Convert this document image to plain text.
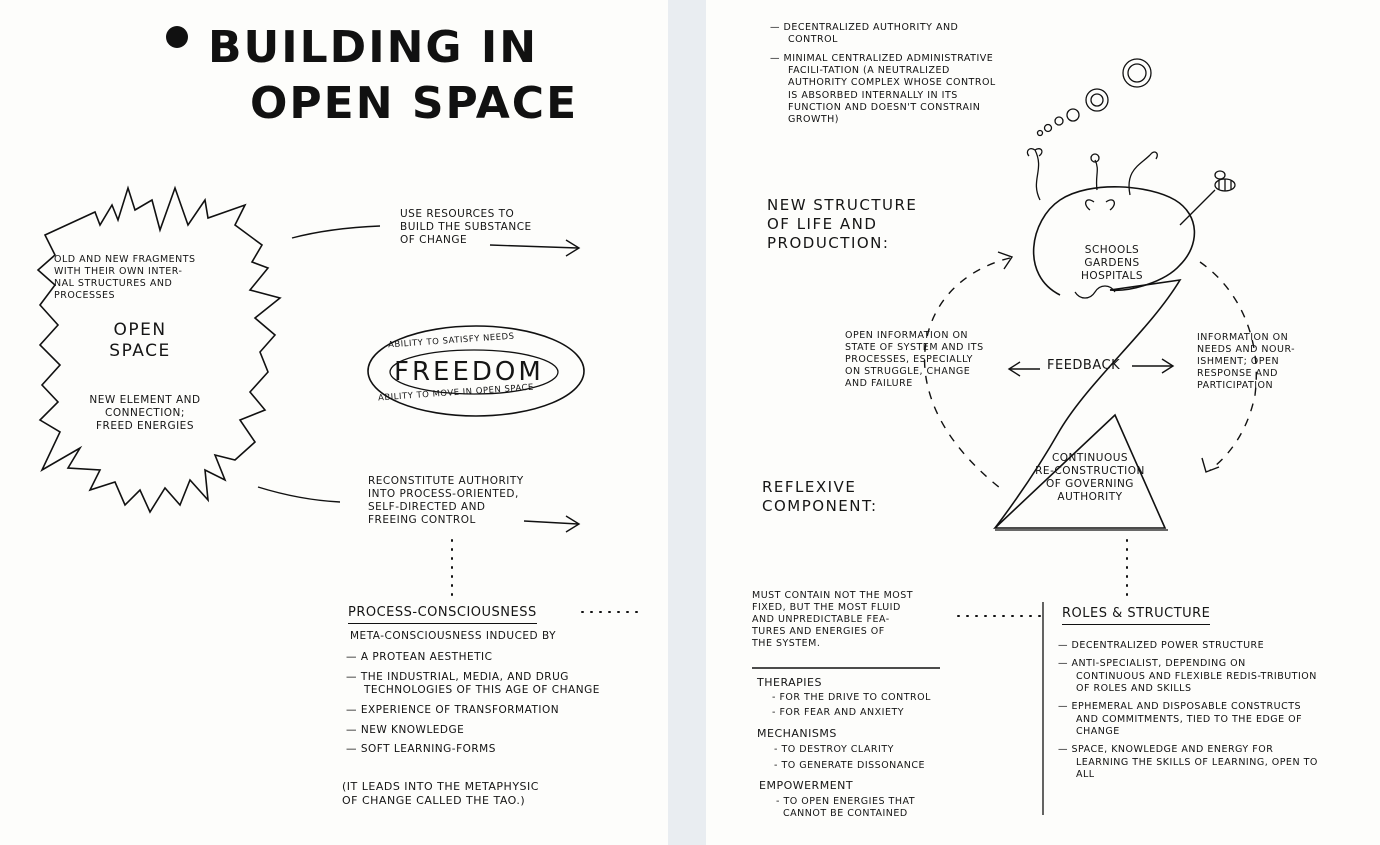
BUILDING IN
OPEN SPACE
OLD AND NEW FRAGMENTS
WITH THEIR OWN INTER-
NAL STRUCTURES AND
PROCESSES
OPEN
SPACE
NEW ELEMENT AND
CONNECTION;
FREED ENERGIES
USE RESOURCES TO
BUILD THE SUBSTANCE
OF CHANGE
ABILITY TO SATISFY NEEDS
FREEDOM
ABILITY TO MOVE IN OPEN SPACE
RECONSTITUTE AUTHORITY
INTO PROCESS-ORIENTED,
SELF-DIRECTED AND
FREEING CONTROL
PROCESS-CONSCIOUSNESS
META-CONSCIOUSNESS INDUCED BY
— A PROTEAN AESTHETIC
— THE INDUSTRIAL, MEDIA, AND DRUG TECHNOLOGIES OF THIS AGE OF CHANGE
— EXPERIENCE OF TRANSFORMATION
— NEW KNOWLEDGE
— SOFT LEARNING-FORMS
(IT LEADS INTO THE METAPHYSIC
OF CHANGE CALLED THE TAO.)
— DECENTRALIZED AUTHORITY AND CONTROL
— MINIMAL CENTRALIZED ADMINISTRATIVE FACILI-TATION (A NEUTRALIZED AUTHORITY COMPLEX WHOSE CONTROL IS ABSORBED INTERNALLY IN ITS FUNCTION AND DOESN'T CONSTRAIN GROWTH)
NEW STRUCTURE
OF LIFE AND
PRODUCTION:	SCHOOLS
GARDENS
HOSPITALS
OPEN INFORMATION ON
STATE OF SYSTEM AND ITS
PROCESSES, ESPECIALLY
ON STRUGGLE, CHANGE
AND FAILURE
FEEDBACK
INFORMATION ON
NEEDS AND NOUR-
ISHMENT; OPEN
RESPONSE AND
PARTICIPATION
REFLEXIVE
COMPONENT:
CONTINUOUS
RE-CONSTRUCTION
OF GOVERNING
AUTHORITY
MUST CONTAIN NOT THE MOST
FIXED, BUT THE MOST FLUID
AND UNPREDICTABLE FEA-
TURES AND ENERGIES OF
THE SYSTEM.
THERAPIES
- FOR THE DRIVE TO CONTROL
- FOR FEAR AND ANXIETY
MECHANISMS
- TO DESTROY CLARITY
- TO GENERATE DISSONANCE
EMPOWERMENT
- TO OPEN ENERGIES THAT
CANNOT BE CONTAINED
ROLES & STRUCTURE
— DECENTRALIZED POWER STRUCTURE
— ANTI-SPECIALIST, DEPENDING ON CONTINUOUS AND FLEXIBLE REDIS-TRIBUTION OF ROLES AND SKILLS
— EPHEMERAL AND DISPOSABLE CONSTRUCTS AND COMMITMENTS, TIED TO THE EDGE OF CHANGE
— SPACE, KNOWLEDGE AND ENERGY FOR LEARNING THE SKILLS OF LEARNING, OPEN TO ALL
